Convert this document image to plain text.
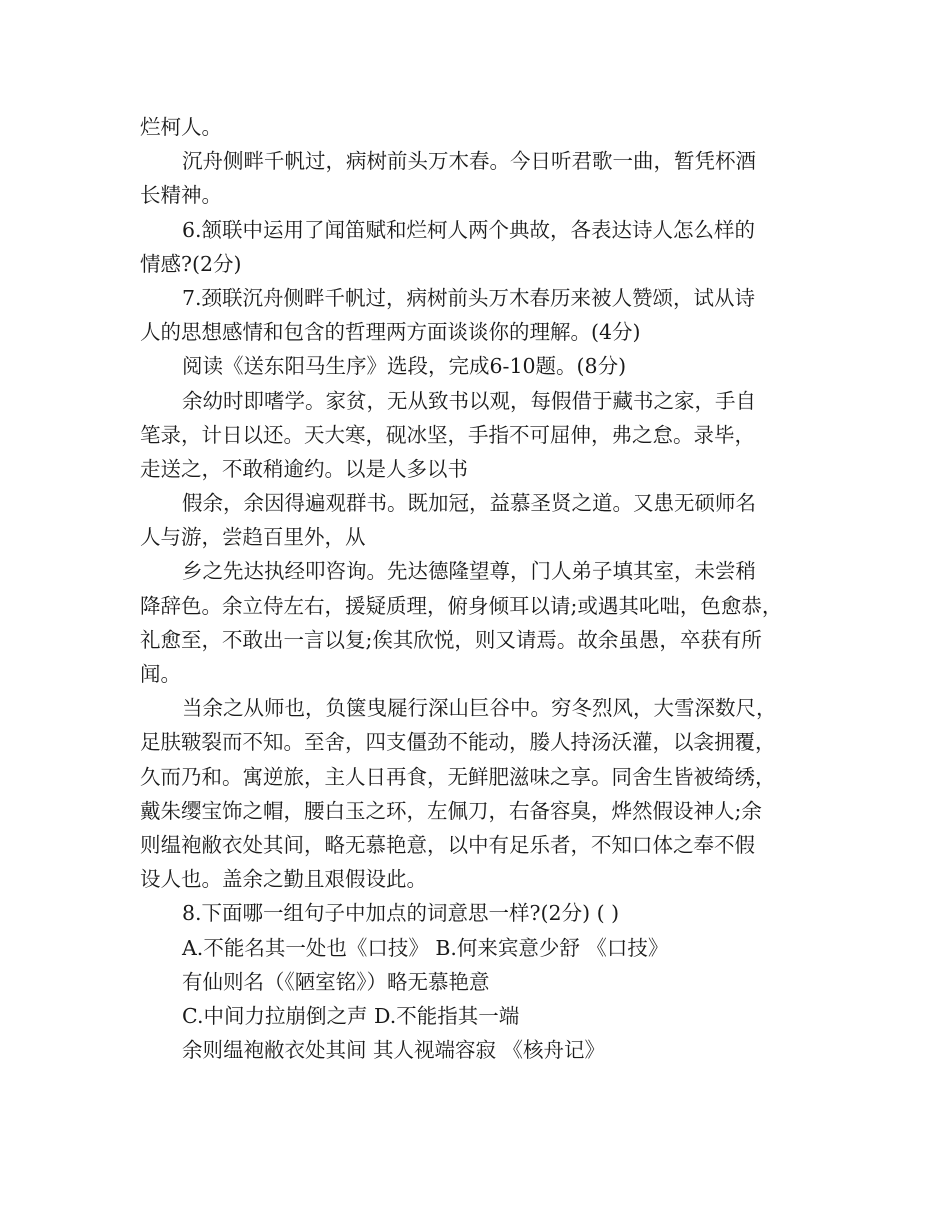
烂柯人。

沉舟侧畔千帆过，病树前头万木春。今日听君歌一曲，暂凭杯酒

长精神。

6.颔联中运用了闻笛赋和烂柯人两个典故，各表达诗人怎么样的

情感?(2分)

7.颈联沉舟侧畔千帆过，病树前头万木春历来被人赞颂，试从诗

人的思想感情和包含的哲理两方面谈谈你的理解。(4分)

阅读《送东阳马生序》选段，完成6-10题。(8分)

余幼时即嗜学。家贫，无从致书以观，每假借于藏书之家，手自

笔录，计日以还。天大寒，砚冰坚，手指不可屈伸，弗之怠。录毕，

走送之，不敢稍逾约。以是人多以书

假余，余因得遍观群书。既加冠，益慕圣贤之道。又患无硕师名

人与游，尝趋百里外，从

乡之先达执经叩咨询。先达德隆望尊，门人弟子填其室，未尝稍

降辞色。余立侍左右，援疑质理，俯身倾耳以请;或遇其叱咄，色愈恭，

礼愈至，不敢出一言以复;俟其欣悦，则又请焉。故余虽愚，卒获有所

闻。

当余之从师也，负箧曳屣行深山巨谷中。穷冬烈风，大雪深数尺，

足肤皲裂而不知。至舍，四支僵劲不能动，媵人持汤沃灌，以衾拥覆，

久而乃和。寓逆旅，主人日再食，无鲜肥滋味之享。同舍生皆被绮绣，

戴朱缨宝饰之帽，腰白玉之环，左佩刀，右备容臭，烨然假设神人;余

则缊袍敝衣处其间，略无慕艳意，以中有足乐者，不知口体之奉不假

设人也。盖余之勤且艰假设此。

8.下面哪一组句子中加点的词意思一样?(2分) ( )

A.不能名其一处也《口技》 B.何来宾意少舒 《口技》

有仙则名（《陋室铭》）略无慕艳意

C.中间力拉崩倒之声 D.不能指其一端

余则缊袍敝衣处其间 其人视端容寂 《核舟记》
